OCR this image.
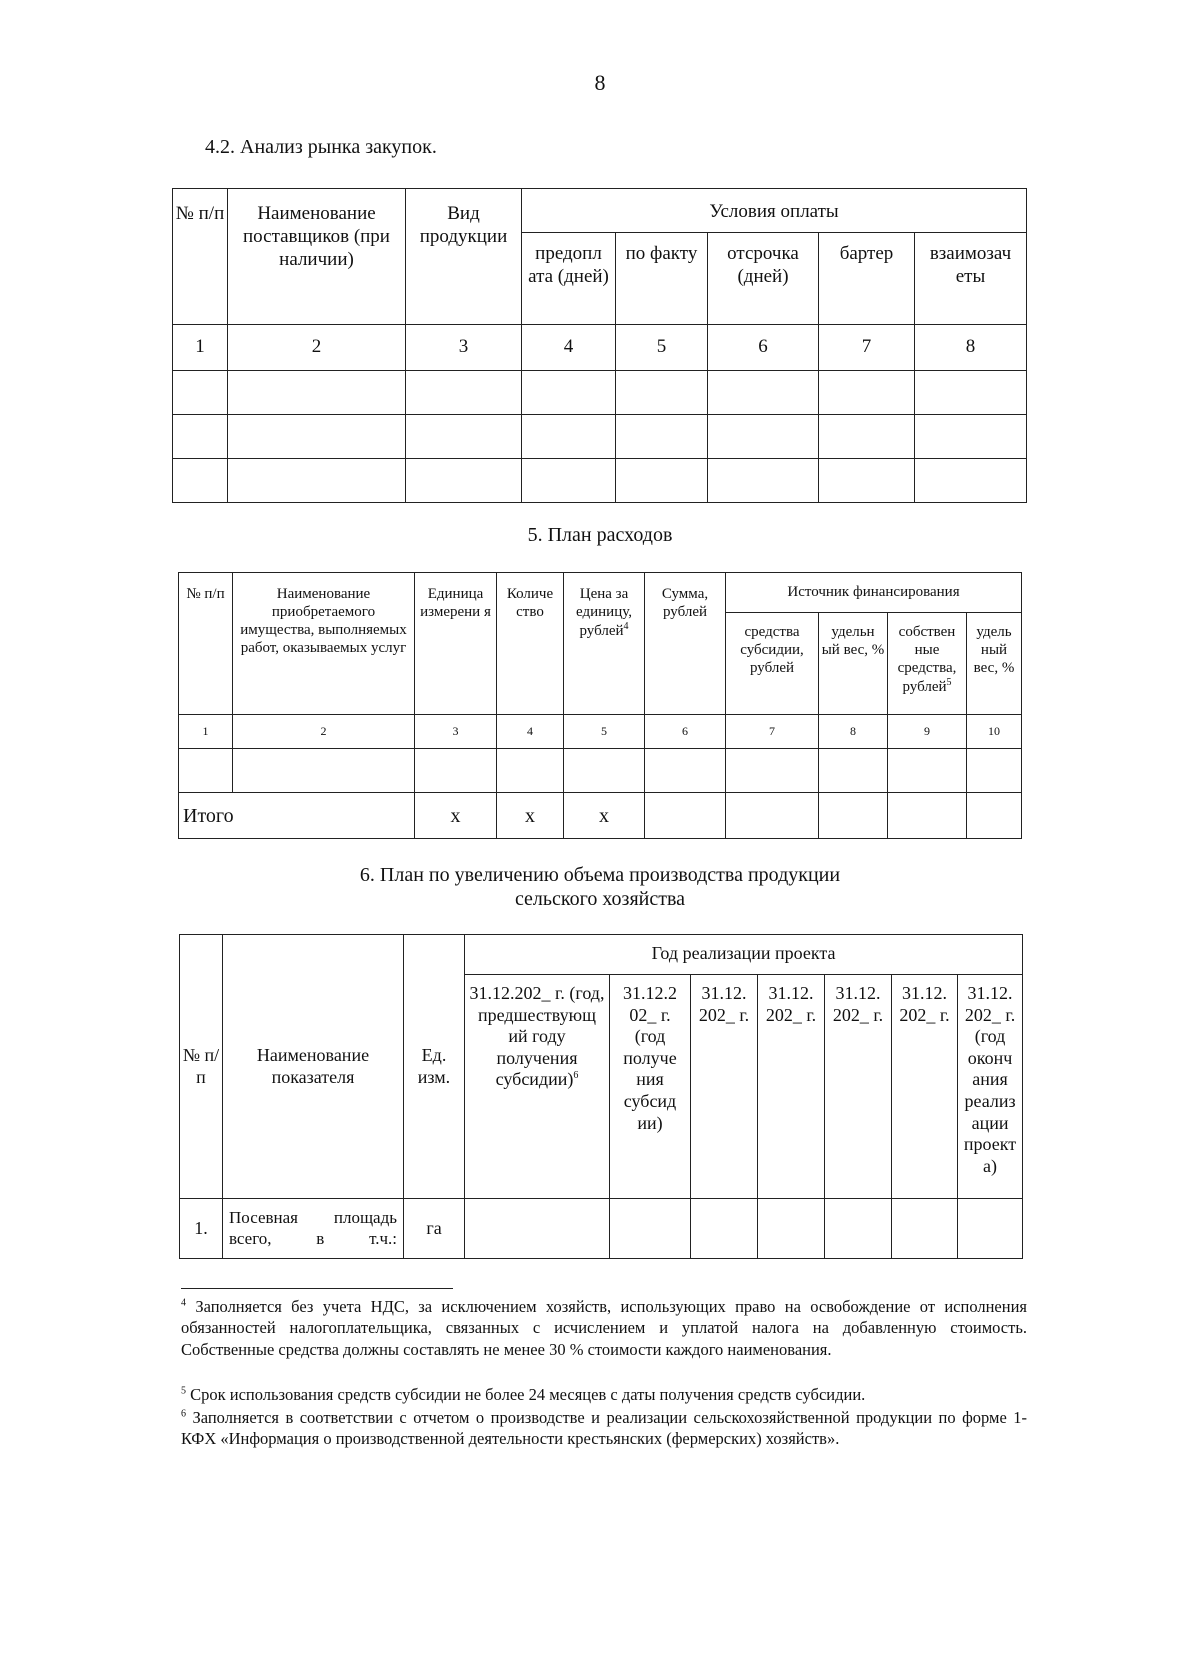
8
4.2. Анализ рынка закупок.
№ п/п	Наименование поставщиков (при наличии)	Вид продукции	Условия оплаты				
			предопл ата (дней)	по факту	отсрочка (дней)	бартер	взаимозач еты
1	2	3	4	5	6	7	8

5. План расходов
№ п/п	Наименование приобретаемого имущества, выполняемых работ, оказываемых услуг	Единица измерени я	Количе ство	Цена за единицу, рублей$^4$	Сумма, рублей	Источник финансирования			
						средства субсидии, рублей	удельн ый вес, %	собствен ные средства, рублей$^5$	удель ный вес, %
1	2	3	4	5	6	7	8	9	10

Итого		х	х	х					
6. План по увеличению объема производства продукции
сельского хозяйства
№ п/п	Наименование показателя	Ед. изм.	Год реализации проекта						
			31.12.202_ г. (год, предшествующ ий году получения субсидии)$^6$	31.12.2 02_ г. (год получе ния субсид ии)	31.12. 202_ г.	31.12. 202_ г.	31.12. 202_ г.	31.12. 202_ г.	31.12. 202_ г. (год оконч ания реализ ации проект а)
1.	Посевная площадь всего, в т.ч.:	га							
$^4$ Заполняется без учета НДС, за исключением хозяйств, использующих право на освобождение от исполнения обязанностей налогоплательщика, связанных с исчислением и уплатой налога на добавленную стоимость. Собственные средства должны составлять не менее 30 % стоимости каждого наименования.
$^5$ Срок использования средств субсидии не более 24 месяцев с даты получения средств субсидии.
$^6$ Заполняется в соответствии с отчетом о производстве и реализации сельскохозяйственной продукции по форме 1-КФХ «Информация о производственной деятельности крестьянских (фермерских) хозяйств».
